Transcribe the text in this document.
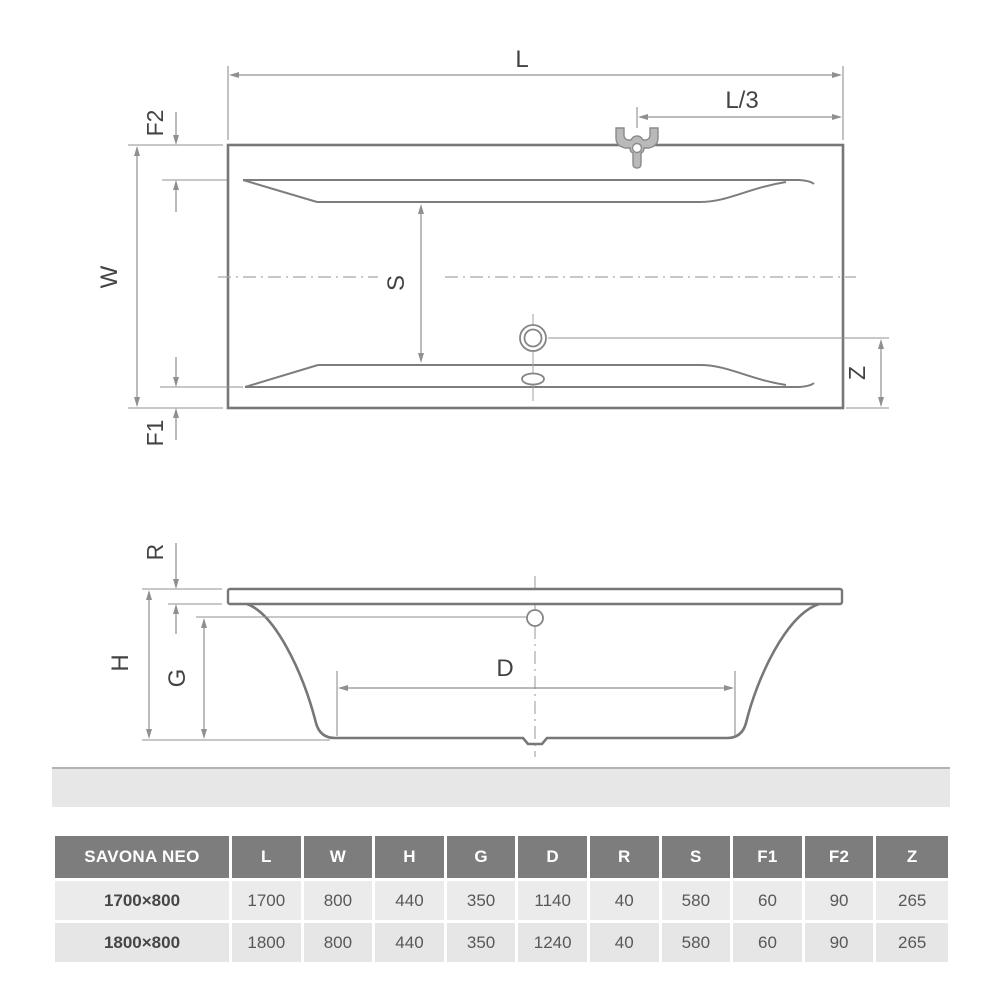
L
L/3
F2
W	S
F1
Z
R
H
G	D
SAVONA NEO	L	W	H	G	D	R	S	F1	F2	Z
1700×800	1700	800	440	350	1140	40	580	60	90	265
1800×800	1800	800	440	350	1240	40	580	60	90	265
